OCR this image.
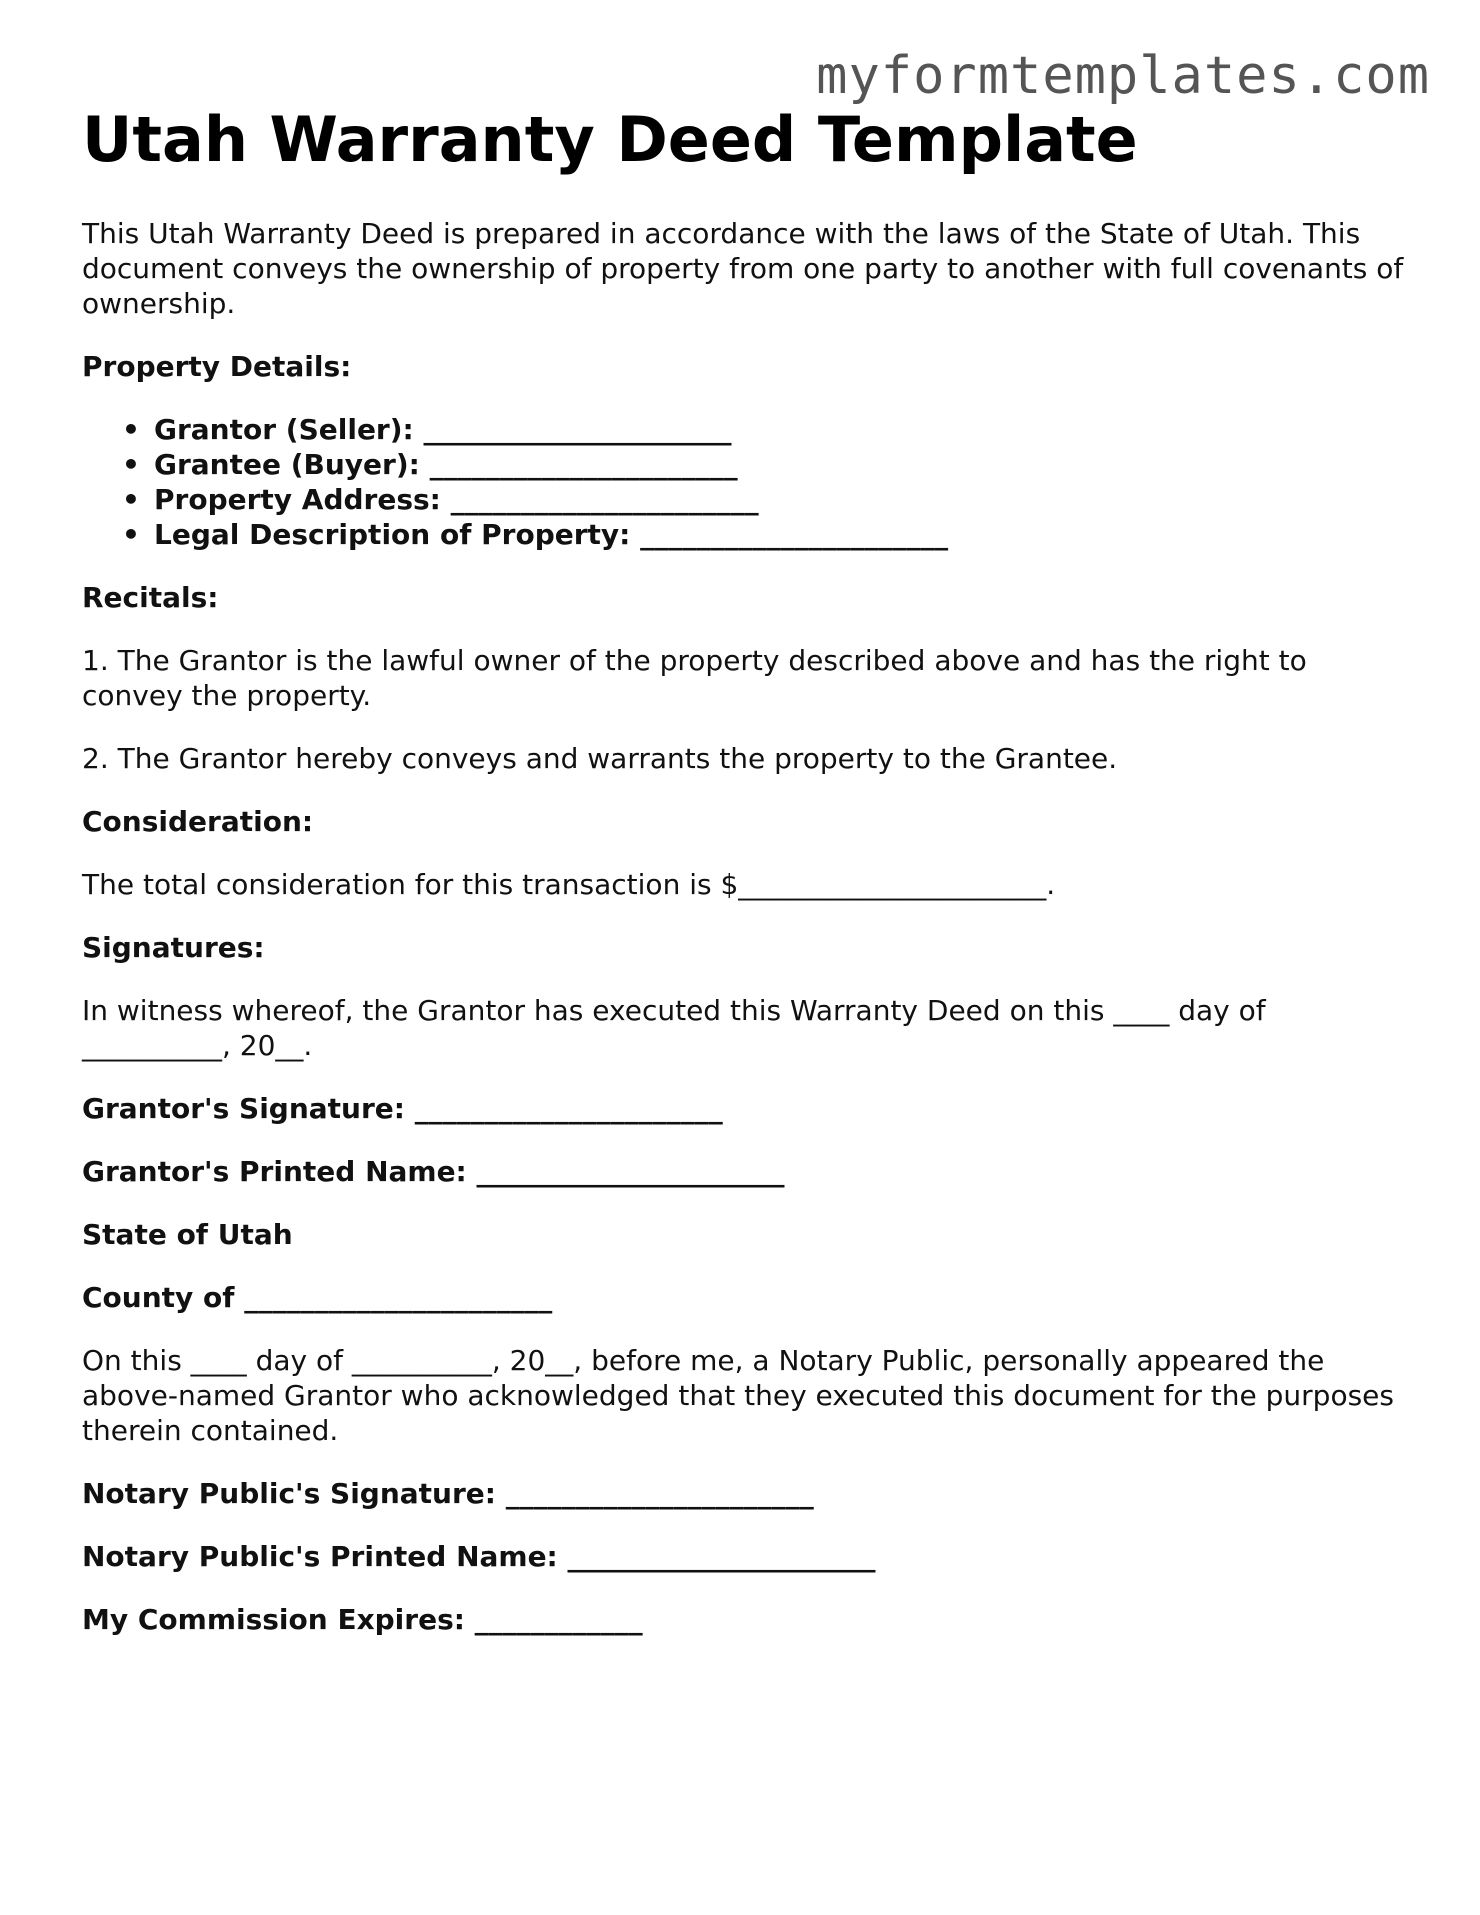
myformtemplates.com
Utah Warranty Deed Template

This Utah Warranty Deed is prepared in accordance with the laws of the State of Utah. This document conveys the ownership of property from one party to another with full covenants of ownership.

Property Details:

• Grantor (Seller): ______________________
• Grantee (Buyer): ______________________
• Property Address: ______________________
• Legal Description of Property: ______________________

Recitals:

1. The Grantor is the lawful owner of the property described above and has the right to convey the property.

2. The Grantor hereby conveys and warrants the property to the Grantee.

Consideration:

The total consideration for this transaction is $______________________.

Signatures:

In witness whereof, the Grantor has executed this Warranty Deed on this ____ day of __________, 20__.

Grantor's Signature: ______________________

Grantor's Printed Name: ______________________

State of Utah

County of ______________________

On this ____ day of __________, 20__, before me, a Notary Public, personally appeared the above-named Grantor who acknowledged that they executed this document for the purposes therein contained.

Notary Public's Signature: ______________________

Notary Public's Printed Name: ______________________

My Commission Expires: ____________
